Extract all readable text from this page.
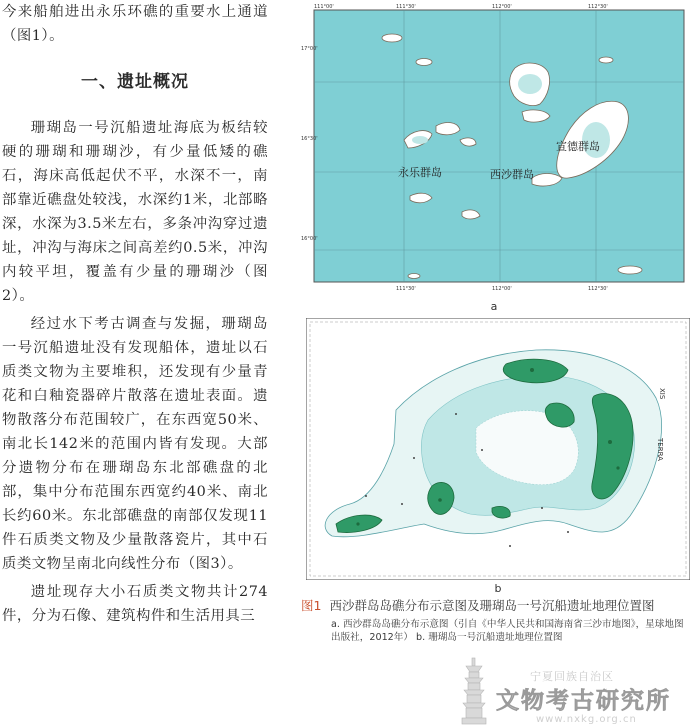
今来船舶进出永乐环礁的重要水上通道（图1）。

一、遗址概况

珊瑚岛一号沉船遗址海底为板结较硬的珊瑚和珊瑚沙，有少量低矮的礁石，海床高低起伏不平，水深不一，南部靠近礁盘处较浅，水深约1米，北部略深，水深为3.5米左右，多条冲沟穿过遗址，冲沟与海床之间高差约0.5米，冲沟内较平坦，覆盖有少量的珊瑚沙（图2）。

经过水下考古调查与发掘，珊瑚岛一号沉船遗址没有发现船体，遗址以石质类文物为主要堆积，还发现有少量青花和白釉瓷器碎片散落在遗址表面。遗物散落分布范围较广，在东西宽50米、南北长142米的范围内皆有发现。大部分遗物分布在珊瑚岛东北部礁盘的北部，集中分布范围东西宽约40米、南北长约60米。东北部礁盘的南部仅发现11件石质类文物及少量散落瓷片，其中石质类文物呈南北向线性分布（图3）。

遗址现存大小石质类文物共计274件，分为石像、建筑构件和生活用具三

111°00'	111°30'	112°00'	112°30'
111°30'	112°00'	112°30'
17°00'
16°30'
16°00'
宣德群岛
西沙群岛
永乐群岛
a
XIS
TERRA
b
图1 西沙群岛岛礁分布示意图及珊瑚岛一号沉船遗址地理位置图
a. 西沙群岛岛礁分布示意图（引自《中华人民共和国海南省三沙市地图》，星球地图出版社，2012年） b. 珊瑚岛一号沉船遗址地理位置图
宁夏回族自治区
文物考古研究所
www.nxkg.org.cn
